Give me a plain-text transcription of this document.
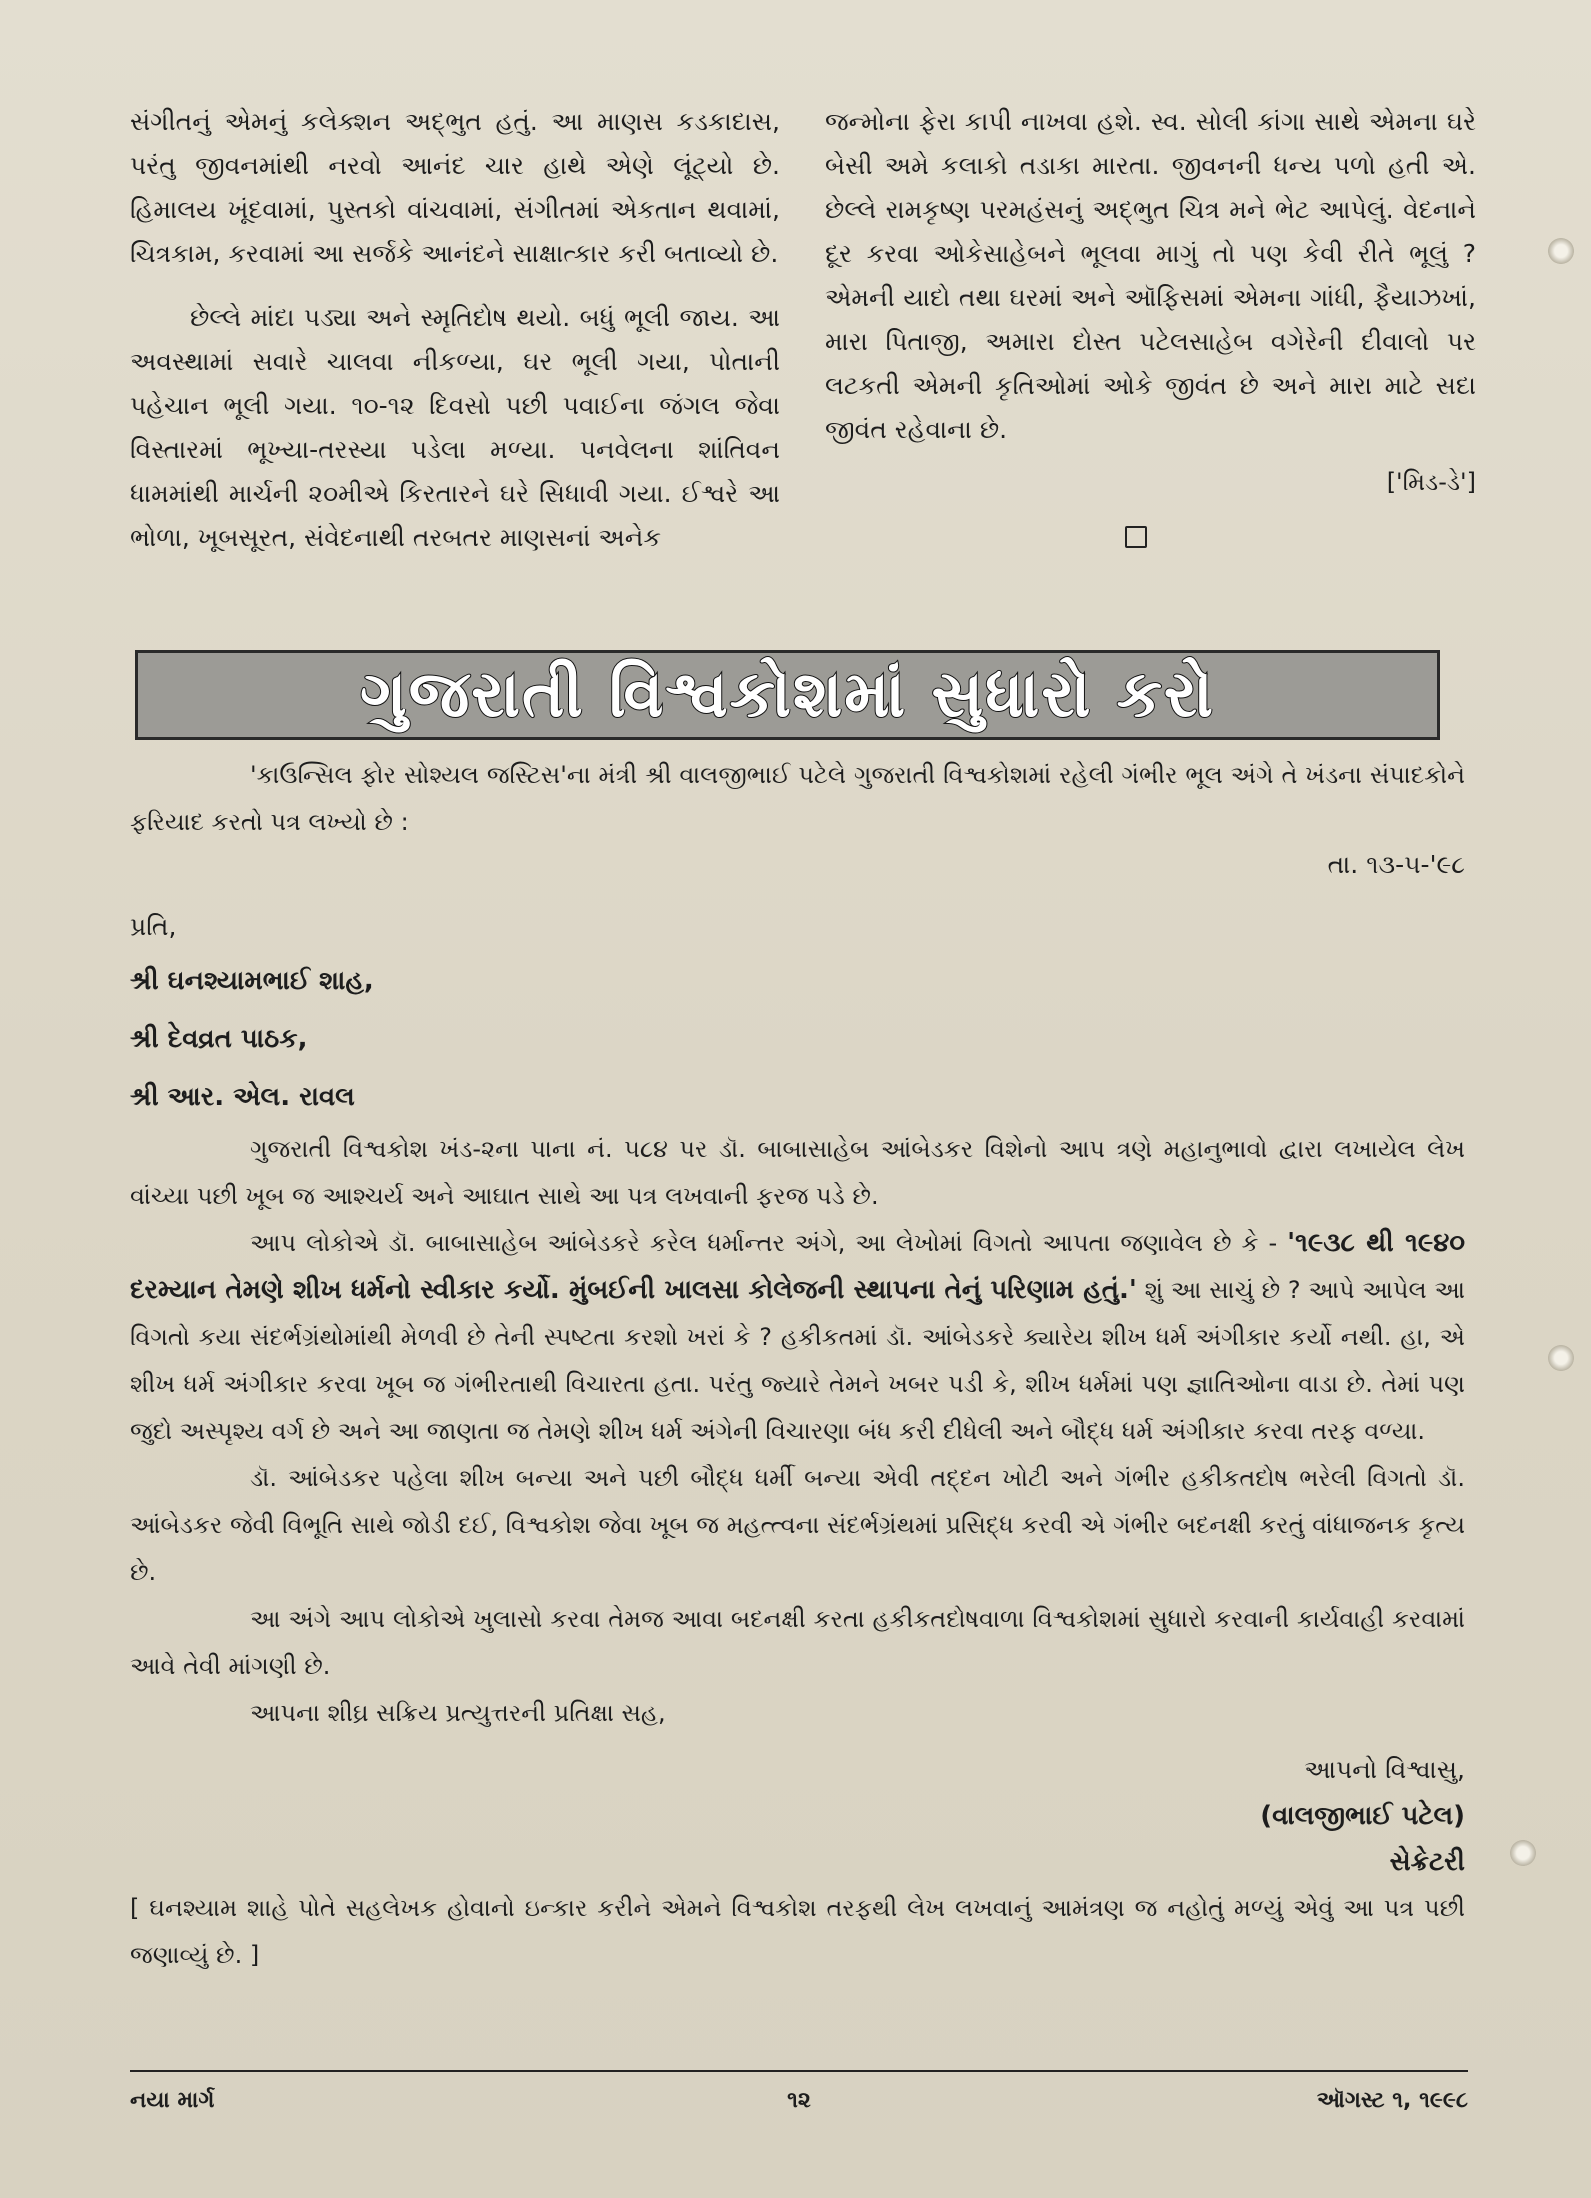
સંગીતનું એમનું કલેક્શન અદ્‌ભુત હતું. આ માણસ કડકાદાસ, પરંતુ જીવનમાંથી નરવો આનંદ ચાર હાથે એણે લૂંટ્યો છે. હિમાલય ખૂંદવામાં, પુસ્તકો વાંચવામાં, સંગીતમાં એકતાન થવામાં, ચિત્રકામ, કરવામાં આ સર્જકે આનંદને સાક્ષાત્કાર કરી બતાવ્યો છે.

છેલ્લે માંદા પડ્યા અને સ્મૃતિદોષ થયો. બધું ભૂલી જાય. આ અવસ્થામાં સવારે ચાલવા નીકળ્યા, ઘર ભૂલી ગયા, પોતાની પહેચાન ભૂલી ગયા. ૧૦-૧૨ દિવસો પછી પવાઈના જંગલ જેવા વિસ્તારમાં ભૂખ્યા-તરસ્યા પડેલા મળ્યા. પનવેલના શાંતિવન ધામમાંથી માર્ચની ૨૦મીએ કિરતારને ઘરે સિધાવી ગયા. ઈશ્વરે આ ભોળા, ખૂબસૂરત, સંવેદનાથી તરબતર માણસનાં અનેક

જન્મોના ફેરા કાપી નાખવા હશે. સ્વ. સોલી કાંગા સાથે એમના ઘરે બેસી અમે કલાકો તડાકા મારતા. જીવનની ધન્ય પળો હતી એ. છેલ્લે રામકૃષ્ણ પરમહંસનું અદ્‌ભુત ચિત્ર મને ભેટ આપેલું. વેદનાને દૂર કરવા ઓકેસાહેબને ભૂલવા માગું તો પણ કેવી રીતે ભૂલું ? એમની યાદો તથા ઘરમાં અને ઑફિસમાં એમના ગાંધી, ફૈયાઝખાં, મારા પિતાજી, અમારા દોસ્ત પટેલસાહેબ વગેરેની દીવાલો પર લટકતી એમની કૃતિઓમાં ઓકે જીવંત છે અને મારા માટે સદા જીવંત રહેવાના છે.

['મિડ-ડે']
ગુજરાતી વિશ્વકોશમાં સુધારો કરો

'કાઉન્સિલ ફોર સોશ્યલ જસ્ટિસ'ના મંત્રી શ્રી વાલજીભાઈ પટેલે ગુજરાતી વિશ્વકોશમાં રહેલી ગંભીર ભૂલ અંગે તે ખંડના સંપાદકોને ફરિયાદ કરતો પત્ર લખ્યો છે :

તા. ૧૩-૫-'૯૮
પ્રતિ,
શ્રી ઘનશ્યામભાઈ શાહ,
શ્રી દેવવ્રત પાઠક,
શ્રી આર. એલ. રાવલ

ગુજરાતી વિશ્વકોશ ખંડ-૨ના પાના નં. ૫૮૪ પર ડૉ. બાબાસાહેબ આંબેડકર વિશેનો આપ ત્રણે મહાનુભાવો દ્વારા લખાયેલ લેખ વાંચ્યા પછી ખૂબ જ આશ્ચર્ય અને આઘાત સાથે આ પત્ર લખવાની ફરજ પડે છે.

આપ લોકોએ ડૉ. બાબાસાહેબ આંબેડકરે કરેલ ધર્માન્તર અંગે, આ લેખોમાં વિગતો આપતા જણાવેલ છે કે - '૧૯૩૮ થી ૧૯૪૦ દરમ્યાન તેમણે શીખ ધર્મનો સ્વીકાર કર્યો. મુંબઈની ખાલસા કોલેજની સ્થાપના તેનું પરિણામ હતું.' શું આ સાચું છે ? આપે આપેલ આ વિગતો કયા સંદર્ભગ્રંથોમાંથી મેળવી છે તેની સ્પષ્ટતા કરશો ખરાં કે ? હકીકતમાં ડૉ. આંબેડકરે ક્યારેય શીખ ધર્મ અંગીકાર કર્યો નથી. હા, એ શીખ ધર્મ અંગીકાર કરવા ખૂબ જ ગંભીરતાથી વિચારતા હતા. પરંતુ જ્યારે તેમને ખબર પડી કે, શીખ ધર્મમાં પણ જ્ઞાતિઓના વાડા છે. તેમાં પણ જુદો અસ્પૃશ્ય વર્ગ છે અને આ જાણતા જ તેમણે શીખ ધર્મ અંગેની વિચારણા બંધ કરી દીધેલી અને બૌદ્ધ ધર્મ અંગીકાર કરવા તરફ વળ્યા.

ડૉ. આંબેડકર પહેલા શીખ બન્યા અને પછી બૌદ્ધ ધર્મી બન્યા એવી તદ્દન ખોટી અને ગંભીર હકીકતદોષ ભરેલી વિગતો ડૉ. આંબેડકર જેવી વિભૂતિ સાથે જોડી દઈ, વિશ્વકોશ જેવા ખૂબ જ મહત્ત્વના સંદર્ભગ્રંથમાં પ્રસિદ્ધ કરવી એ ગંભીર બદનક્ષી કરતું વાંધાજનક કૃત્ય છે.

આ અંગે આપ લોકોએ ખુલાસો કરવા તેમજ આવા બદનક્ષી કરતા હકીકતદોષવાળા વિશ્વકોશમાં સુધારો કરવાની કાર્યવાહી કરવામાં આવે તેવી માંગણી છે.

આપના શીઘ્ર સક્રિય પ્રત્યુત્તરની પ્રતિક્ષા સહ,

આપનો વિશ્વાસુ,
(વાલજીભાઈ પટેલ)
સેક્રેટરી

[ ઘનશ્યામ શાહે પોતે સહલેખક હોવાનો ઇન્કાર કરીને એમને વિશ્વકોશ તરફથી લેખ લખવાનું આમંત્રણ જ નહોતું મળ્યું એવું આ પત્ર પછી જણાવ્યું છે. ]

નયા માર્ગ	૧૨	ઑગસ્ટ ૧, ૧૯૯૮
